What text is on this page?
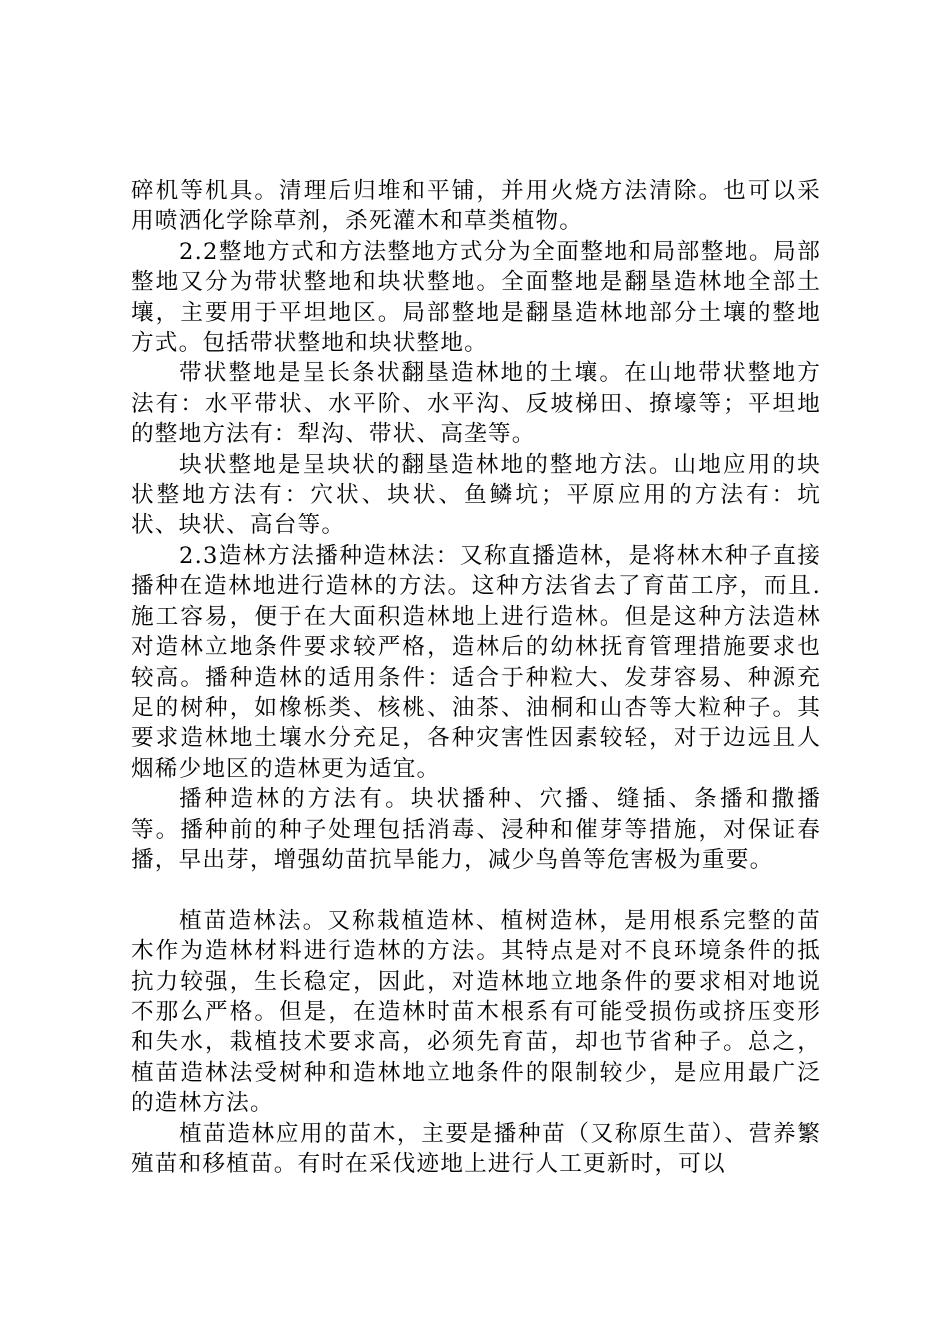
碎机等机具。清理后归堆和平铺，并用火烧方法清除。也可以采用喷洒化学除草剂，杀死灌木和草类植物。

2.2整地方式和方法整地方式分为全面整地和局部整地。局部整地又分为带状整地和块状整地。全面整地是翻垦造林地全部土壤，主要用于平坦地区。局部整地是翻垦造林地部分土壤的整地方式。包括带状整地和块状整地。

带状整地是呈长条状翻垦造林地的土壤。在山地带状整地方法有：水平带状、水平阶、水平沟、反坡梯田、撩壕等；平坦地的整地方法有：犁沟、带状、高垄等。

块状整地是呈块状的翻垦造林地的整地方法。山地应用的块状整地方法有：穴状、块状、鱼鳞坑；平原应用的方法有：坑状、块状、高台等。

2.3造林方法播种造林法：又称直播造林，是将林木种子直接播种在造林地进行造林的方法。这种方法省去了育苗工序，而且.施工容易，便于在大面积造林地上进行造林。但是这种方法造林对造林立地条件要求较严格，造林后的幼林抚育管理措施要求也较高。播种造林的适用条件：适合于种粒大、发芽容易、种源充足的树种，如橡栎类、核桃、油茶、油桐和山杏等大粒种子。其要求造林地土壤水分充足，各种灾害性因素较轻，对于边远且人烟稀少地区的造林更为适宜。

播种造林的方法有。块状播种、穴播、缝插、条播和撒播等。播种前的种子处理包括消毒、浸种和催芽等措施，对保证春播，早出芽，增强幼苗抗旱能力，减少鸟兽等危害极为重要。

植苗造林法。又称栽植造林、植树造林，是用根系完整的苗木作为造林材料进行造林的方法。其特点是对不良环境条件的抵抗力较强，生长稳定，因此，对造林地立地条件的要求相对地说不那么严格。但是，在造林时苗木根系有可能受损伤或挤压变形和失水，栽植技术要求高，必须先育苗，却也节省种子。总之，植苗造林法受树种和造林地立地条件的限制较少，是应用最广泛的造林方法。

植苗造林应用的苗木，主要是播种苗（又称原生苗）、营养繁殖苗和移植苗。有时在采伐迹地上进行人工更新时，可以
